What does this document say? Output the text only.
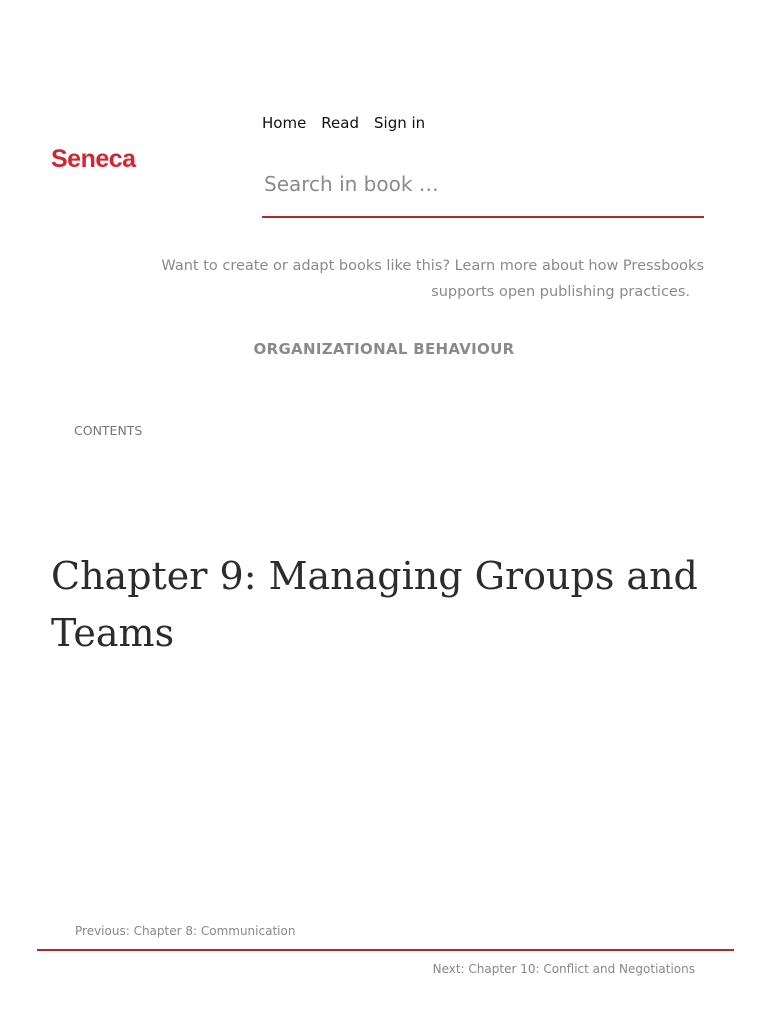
Seneca
Home Read Sign in
Search in book …

Want to create or adapt books like this? Learn more about how Pressbooks
supports open publishing practices.

ORGANIZATIONAL BEHAVIOUR
CONTENTS
Chapter 9: Managing Groups and Teams
Previous: Chapter 8: Communication
Next: Chapter 10: Conflict and Negotiations
